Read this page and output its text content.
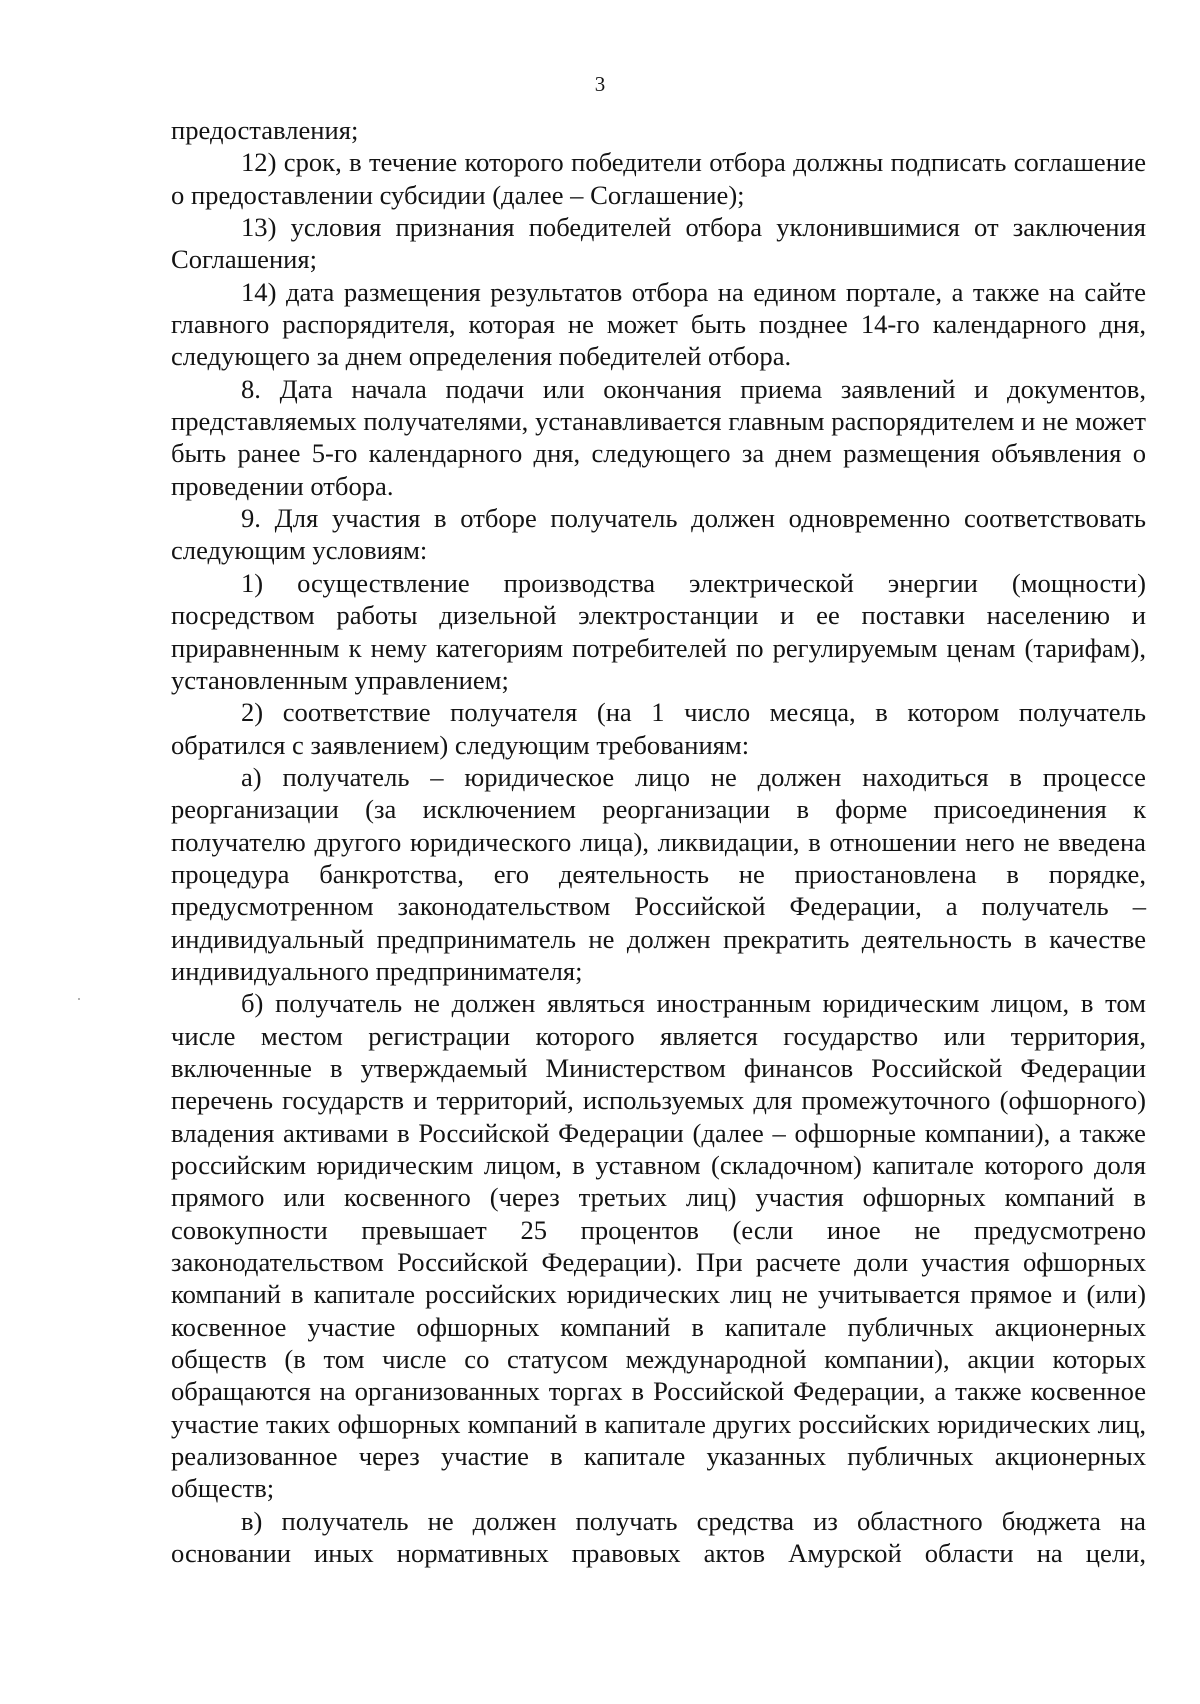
3

предоставления;

12) срок, в течение которого победители отбора должны подписать соглашение о предоставлении субсидии (далее – Соглашение);

13) условия признания победителей отбора уклонившимися от заключения Соглашения;

14) дата размещения результатов отбора на едином портале, а также на сайте главного распорядителя, которая не может быть позднее 14-го календарного дня, следующего за днем определения победителей отбора.

8. Дата начала подачи или окончания приема заявлений и документов, представляемых получателями, устанавливается главным распорядителем и не может быть ранее 5-го календарного дня, следующего за днем размещения объявления о проведении отбора.

9. Для участия в отборе получатель должен одновременно соответствовать следующим условиям:

1) осуществление производства электрической энергии (мощности) посредством работы дизельной электростанции и ее поставки населению и приравненным к нему категориям потребителей по регулируемым ценам (тарифам), установленным управлением;

2) соответствие получателя (на 1 число месяца, в котором получатель обратился с заявлением) следующим требованиям:

а) получатель – юридическое лицо не должен находиться в процессе реорганизации (за исключением реорганизации в форме присоединения к получателю другого юридического лица), ликвидации, в отношении него не введена процедура банкротства, его деятельность не приостановлена в порядке, предусмотренном законодательством Российской Федерации, а получатель – индивидуальный предприниматель не должен прекратить деятельность в качестве индивидуального предпринимателя;

б) получатель не должен являться иностранным юридическим лицом, в том числе местом регистрации которого является государство или территория, включенные в утверждаемый Министерством финансов Российской Федерации перечень государств и территорий, используемых для промежуточного (офшорного) владения активами в Российской Федерации (далее – офшорные компании), а также российским юридическим лицом, в уставном (складочном) капитале которого доля прямого или косвенного (через третьих лиц) участия офшорных компаний в совокупности превышает 25 процентов (если иное не предусмотрено законодательством Российской Федерации). При расчете доли участия офшорных компаний в капитале российских юридических лиц не учитывается прямое и (или) косвенное участие офшорных компаний в капитале публичных акционерных обществ (в том числе со статусом международной компании), акции которых обращаются на организованных торгах в Российской Федерации, а также косвенное участие таких офшорных компаний в капитале других российских юридических лиц, реализованное через участие в капитале указанных публичных акционерных обществ;

в) получатель не должен получать средства из областного бюджета на основании иных нормативных правовых актов Амурской области на цели,
